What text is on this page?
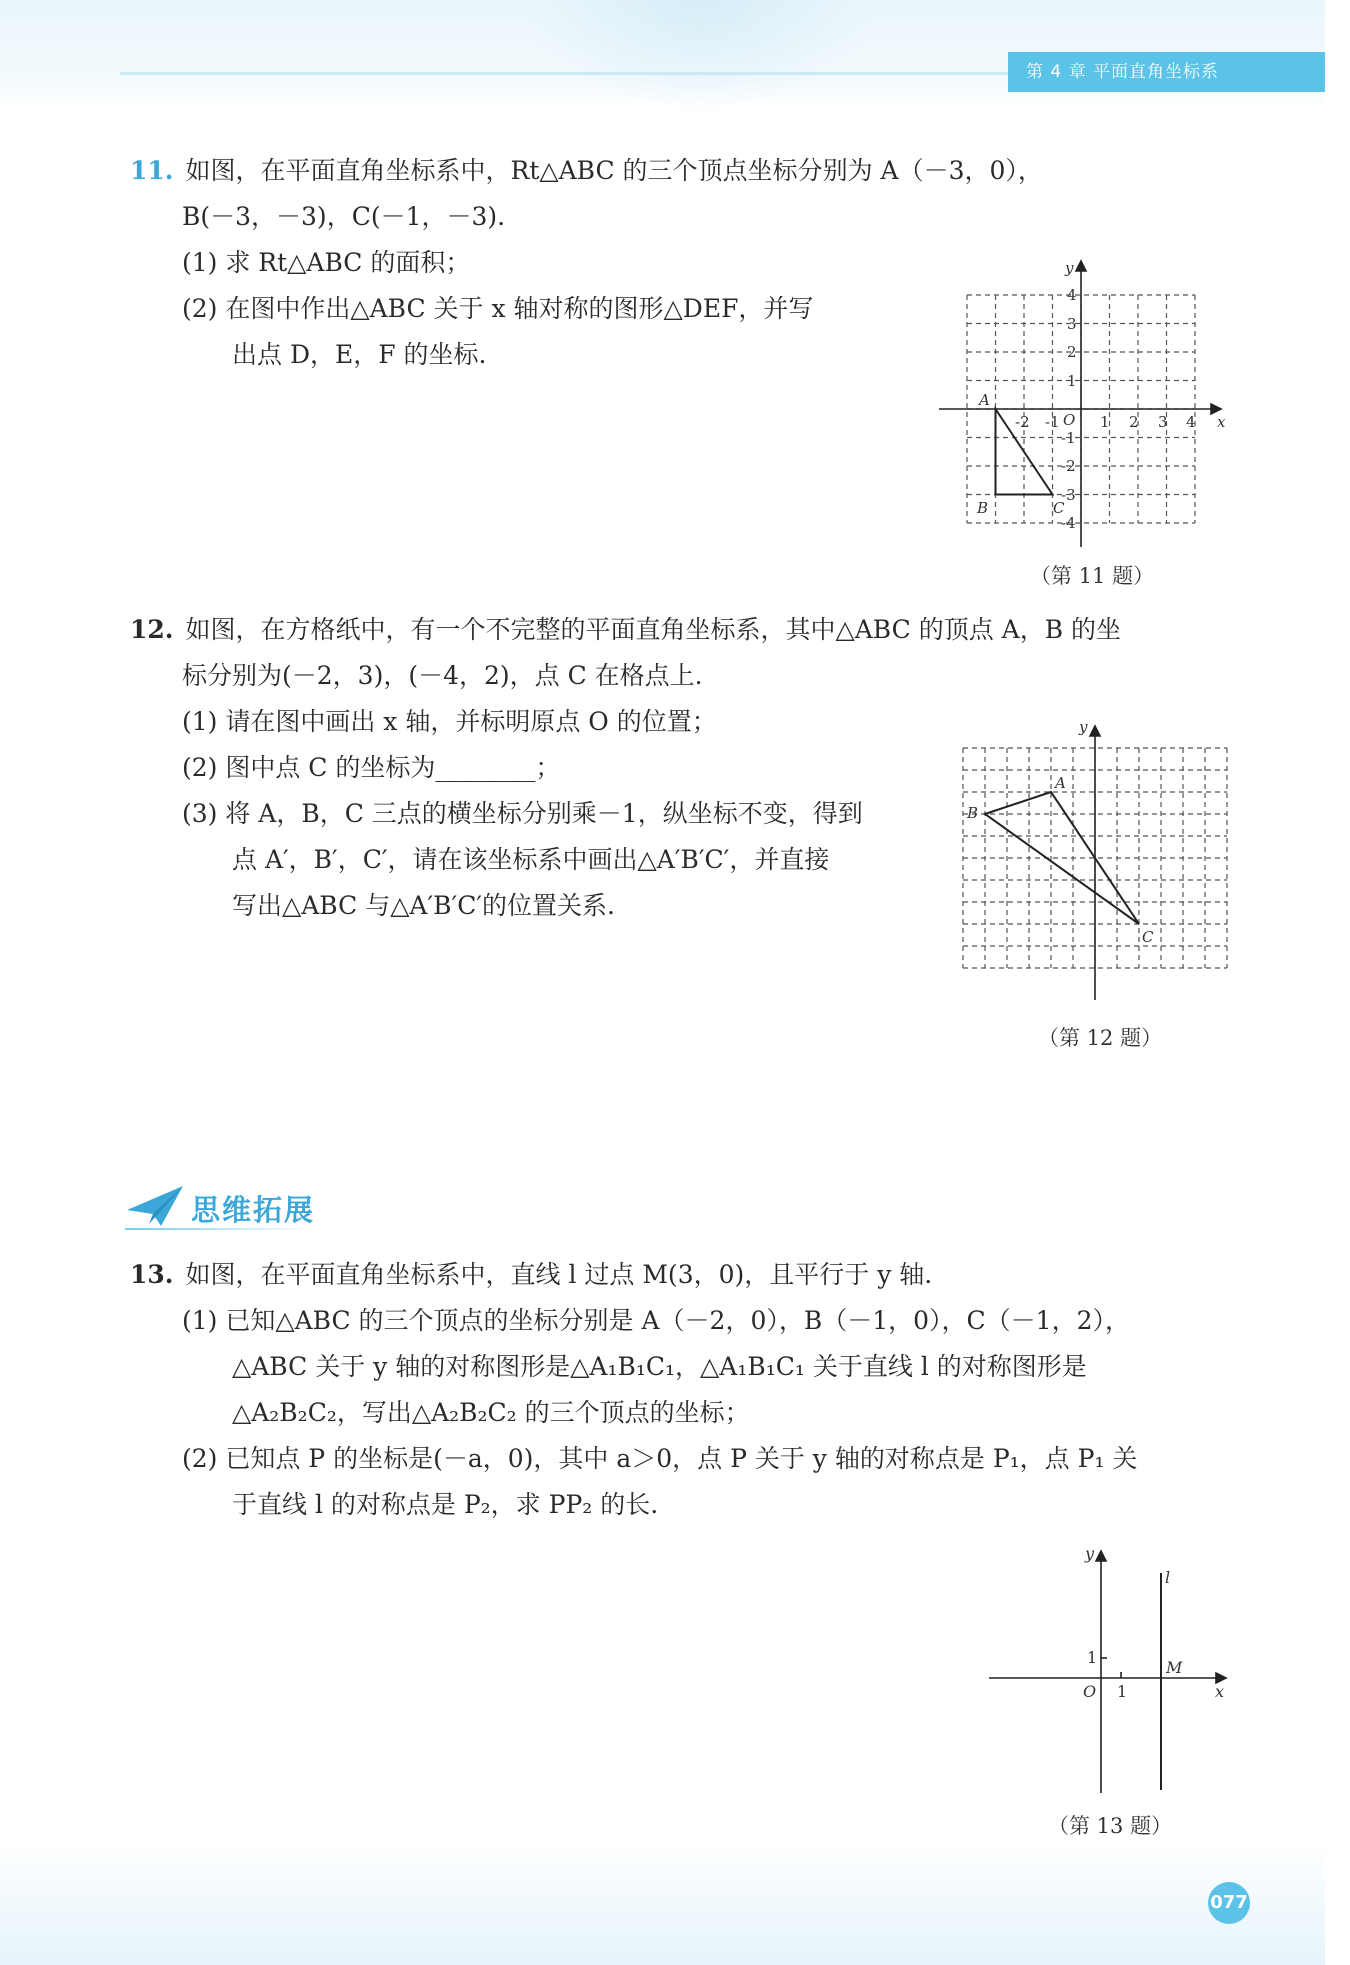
第 4 章 平面直角坐标系
11. 如图，在平面直角坐标系中，Rt△ABC 的三个顶点坐标分别为 A（－3，0），
B(－3，－3)，C(－1，－3).
(1) 求 Rt△ABC 的面积；
(2) 在图中作出△ABC 关于 x 轴对称的图形△DEF，并写
出点 D，E，F 的坐标.
x
y
O
-2 -1	1 2 3 4
4
3
2
1
-1
-2
-3
-4
A
B	C
（第 11 题）
12. 如图，在方格纸中，有一个不完整的平面直角坐标系，其中△ABC 的顶点 A，B 的坐
标分别为(－2，3)，(－4，2)，点 C 在格点上.
(1) 请在图中画出 x 轴，并标明原点 O 的位置；
(2) 图中点 C 的坐标为________；
(3) 将 A，B，C 三点的横坐标分别乘－1，纵坐标不变，得到
点 A′，B′，C′，请在该坐标系中画出△A′B′C′，并直接
写出△ABC 与△A′B′C′的位置关系.
y
A
B
C
（第 12 题）
思维拓展
13. 如图，在平面直角坐标系中，直线 l 过点 M(3，0)，且平行于 y 轴.
(1) 已知△ABC 的三个顶点的坐标分别是 A（－2，0），B（－1，0），C（－1，2），
△ABC 关于 y 轴的对称图形是△A₁B₁C₁，△A₁B₁C₁ 关于直线 l 的对称图形是
△A₂B₂C₂，写出△A₂B₂C₂ 的三个顶点的坐标；
(2) 已知点 P 的坐标是(－a，0)，其中 a＞0，点 P 关于 y 轴的对称点是 P₁，点 P₁ 关
于直线 l 的对称点是 P₂，求 PP₂ 的长.
x
y
O 1
1
l
M
（第 13 题）
077
